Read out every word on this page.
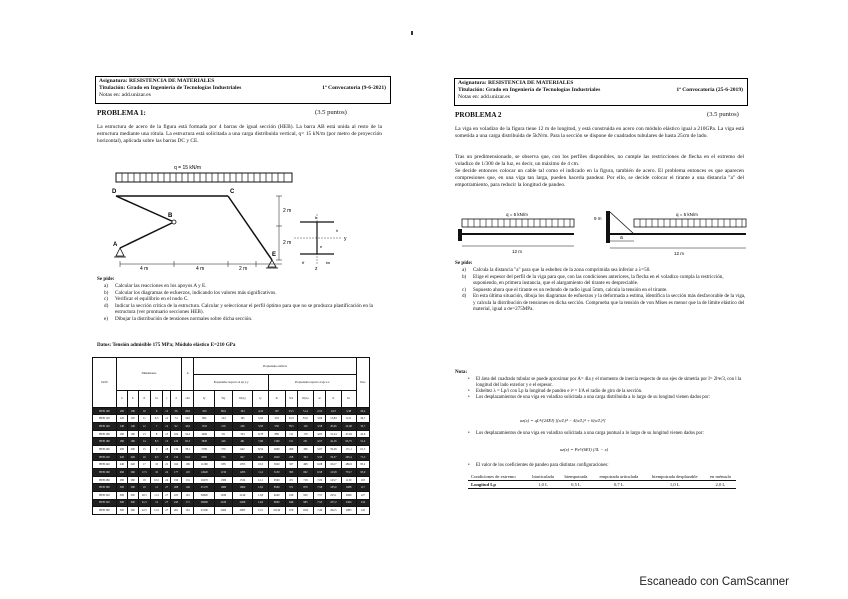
Asignatura: RESISTENCIA DE MATERIALES
Titulación: Grado en Ingeniería de Tecnologías Industriales
Notas en: add.unizar.es
1ª Convocatoria (9-6-2021)
PROBLEMA 1:	(3.5 puntos)
La estructura de acero de la figura está formada por 4 barras de igual sección (HEB). La barra AB está unida al resto de la estructura mediante una rótula. La estructura está solicitada a una carga distribuida vertical, q= 15 kN/m (por metro de proyección horizontal), aplicada sobre las barras DC y CE.
q = 15 kN/m
D	C
B
A
E
4 m	4 m	2 m
2 m
2 m
y
z
b
h
e
tf	tw
Se pide:
a) Calcular las reacciones en los apoyos A y E.
b) Calcular los diagramas de esfuerzos, indicando los valores más significativos.
c) Verificar el equilibrio en el nudo C.
d) Indicar la sección crítica de la estructura. Calcular y seleccionar el perfil óptimo para que no se produzca plastificación en la estructura (ver prontuario secciones HEB).
e) Dibujar la distribución de tensiones normales sobre dicha sección.
Datos: Tensión admisible 175 MPa; Módulo elástico E=210 GPa
Perfil	Dimensiones						A	Propiedades estáticas										Peso
								Propiedades respecto al eje y-y				Propiedades respecto al eje z-z						
	b	h	tf	tw	r	d	cm²	Iy	Wy	Wpl,y	iy	Iz	Wz	Wpl,z	iz	It	Iw	
HEB 100	100	100	10	6	12	56	26,0	450	89,9	104	4,16	167	33,5	51,4	2,53	9,25	3,38	20,4
HEB 120	120	120	11	6,5	12	74	34,0	864	144	165	5,04	318	52,9	81,0	3,06	13,84	9,41	26,7
HEB 140	140	140	12	7	12	92	43,0	1510	216	246	5,93	550	78,5	120	3,58	20,06	22,48	33,7
HEB 160	160	160	13	8	15	104	54,3	2490	311	354	6,78	889	111	170	4,05	31,24	47,94	42,6
HEB 180	180	180	14	8,5	15	122	65,3	3830	426	481	7,66	1360	151	231	4,57	42,16	93,75	51,2
HEB 200	200	200	15	9	18	134	78,1	5700	570	642	8,54	2000	200	306	5,07	59,28	171,1	61,3
HEB 220	220	220	16	9,5	18	152	91,0	8090	736	827	9,43	2840	258	394	5,59	76,57	295,4	71,5
HEB 240	240	240	17	10	21	164	106	11260	938	1053	10,3	3920	327	498	6,08	102,7	486,9	83,2
HEB 260	260	260	17,5	10	24	177	118	14920	1150	1283	11,2	5130	395	602	6,58	123,8	753,7	93,0
HEB 280	280	280	18	10,5	24	196	131	19270	1380	1534	12,1	6590	471	718	7,09	143,7	1130	103
HEB 300	300	300	19	11	27	208	149	25170	1680	1869	13,0	8560	571	870	7,58	185,0	1688	117
HEB 320	300	320	20,5	11,5	27	225	161	30820	1930	2149	13,8	9240	616	939	7,57	225,1	2069	127
HEB 340	300	340	21,5	12	27	243	171	36660	2160	2408	14,6	9690	646	985	7,53	257,2	2454	134
HEB 360	300	360	22,5	12,5	27	261	181	43190	2400	2683	15,5	10140	676	1032	7,49	292,5	2883	142
Asignatura: RESISTENCIA DE MATERIALES
Titulación: Grado en Ingeniería de Tecnologías Industriales
Notas en: add.unizar.es
1ª Convocatoria (25-6-2019)
PROBLEMA 2	(3.5 puntos)
La viga en voladizo de la figura tiene 12 m de longitud, y está construida en acero con módulo elástico igual a 210GPa. La viga está sometida a una carga distribuida de 5kN/m. Para la sección se dispone de cuadrados tubulares de hasta 25cm de lado.
Tras un predimensionado, se observa que, con los perfiles disponibles, no cumple las restricciones de flecha en el extremo del voladizo de 1/300 de la luz, es decir, un máximo de 4 cm.
Se decide entonces colocar un cable tal como el indicado en la figura, también de acero. El problema entonces es que aparecen compresiones que, en una viga tan larga, pueden hacerla pandear. Por ello, se decide colocar el tirante a una distancia "a" del empotramiento, para reducir la longitud de pandeo.
q = 5 kN/m
12 m
9 m
q = 5 kN/m
a
12 m
Se pide:
a) Calcula la distancia "a" para que la esbeltez de la zona comprimida sea inferior a λ=50.
b) Elige el espesor del perfil de la viga para que, con las condiciones anteriores, la flecha en el voladizo cumpla la restricción, suponiendo, en primera instancia, que el alargamiento del tirante es despreciable.
c) Supuesto ahora que el tirante es un redondo de radio igual 5mm, calcula la tensión en el tirante.
d) En esta última situación, dibuja los diagramas de esfuerzos y la deformada a estima, identifica la sección más desfavorable de la viga, y calcula la distribución de tensiones en dicha sección. Comprueba que la tensión de von Mises es menor que la de límite elástico del material, igual a σe=275MPa.
Nota:
• El área del cuadrado tubular se puede aproximar por A= 4la y el momento de inercia respecto de sus ejes de simetría por I= 2l³e/3, con l la longitud del lado exterior y e el espesor.
• Esbeltez λ = Lp/i con Lp la longitud de pandeo e i² = I/A el radio de giro de la sección.
• Los desplazamientos de una viga en voladizo solicitada a una carga distribuida a lo largo de su longitud vienen dados por:
uz(x) = qL⁴/(24EI) [(x/L)⁴ − 4(x/L)³ + 6(x/L)²]
• Los desplazamientos de una viga en voladizo solicitada a una carga puntual a lo largo de su longitud vienen dados por:
uz(x) = Px²/(6EI) (3L − x)
• El valor de los coeficientes de pandeo para distintas configuraciones:
Condiciones de extremo	biarticulada	biempotrada	empotrada articulada	biempotrada desplazable	en ménsula
Longitud Lp	1,0 L	0,5 L	0,7 L	1,0 L	2,0 L
Escaneado con CamScanner
